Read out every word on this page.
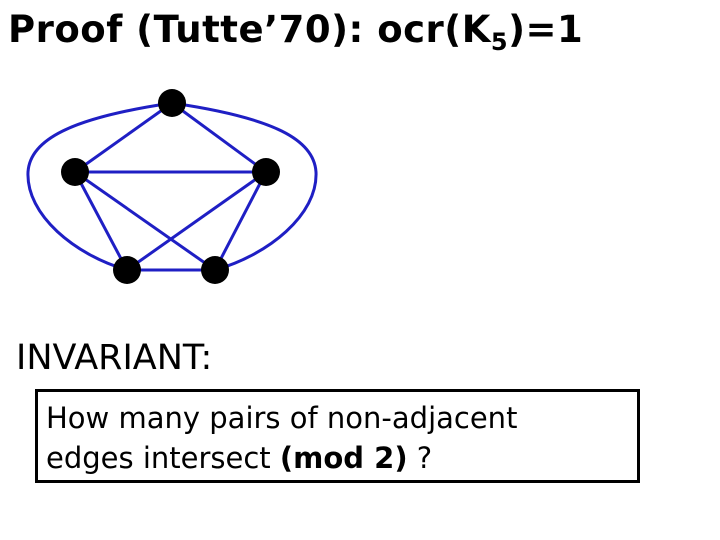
Proof (Tutte’70): $ocr(K_5)=1$
INVARIANT:
How many pairs of non-adjacent
edges intersect (mod 2) ?
